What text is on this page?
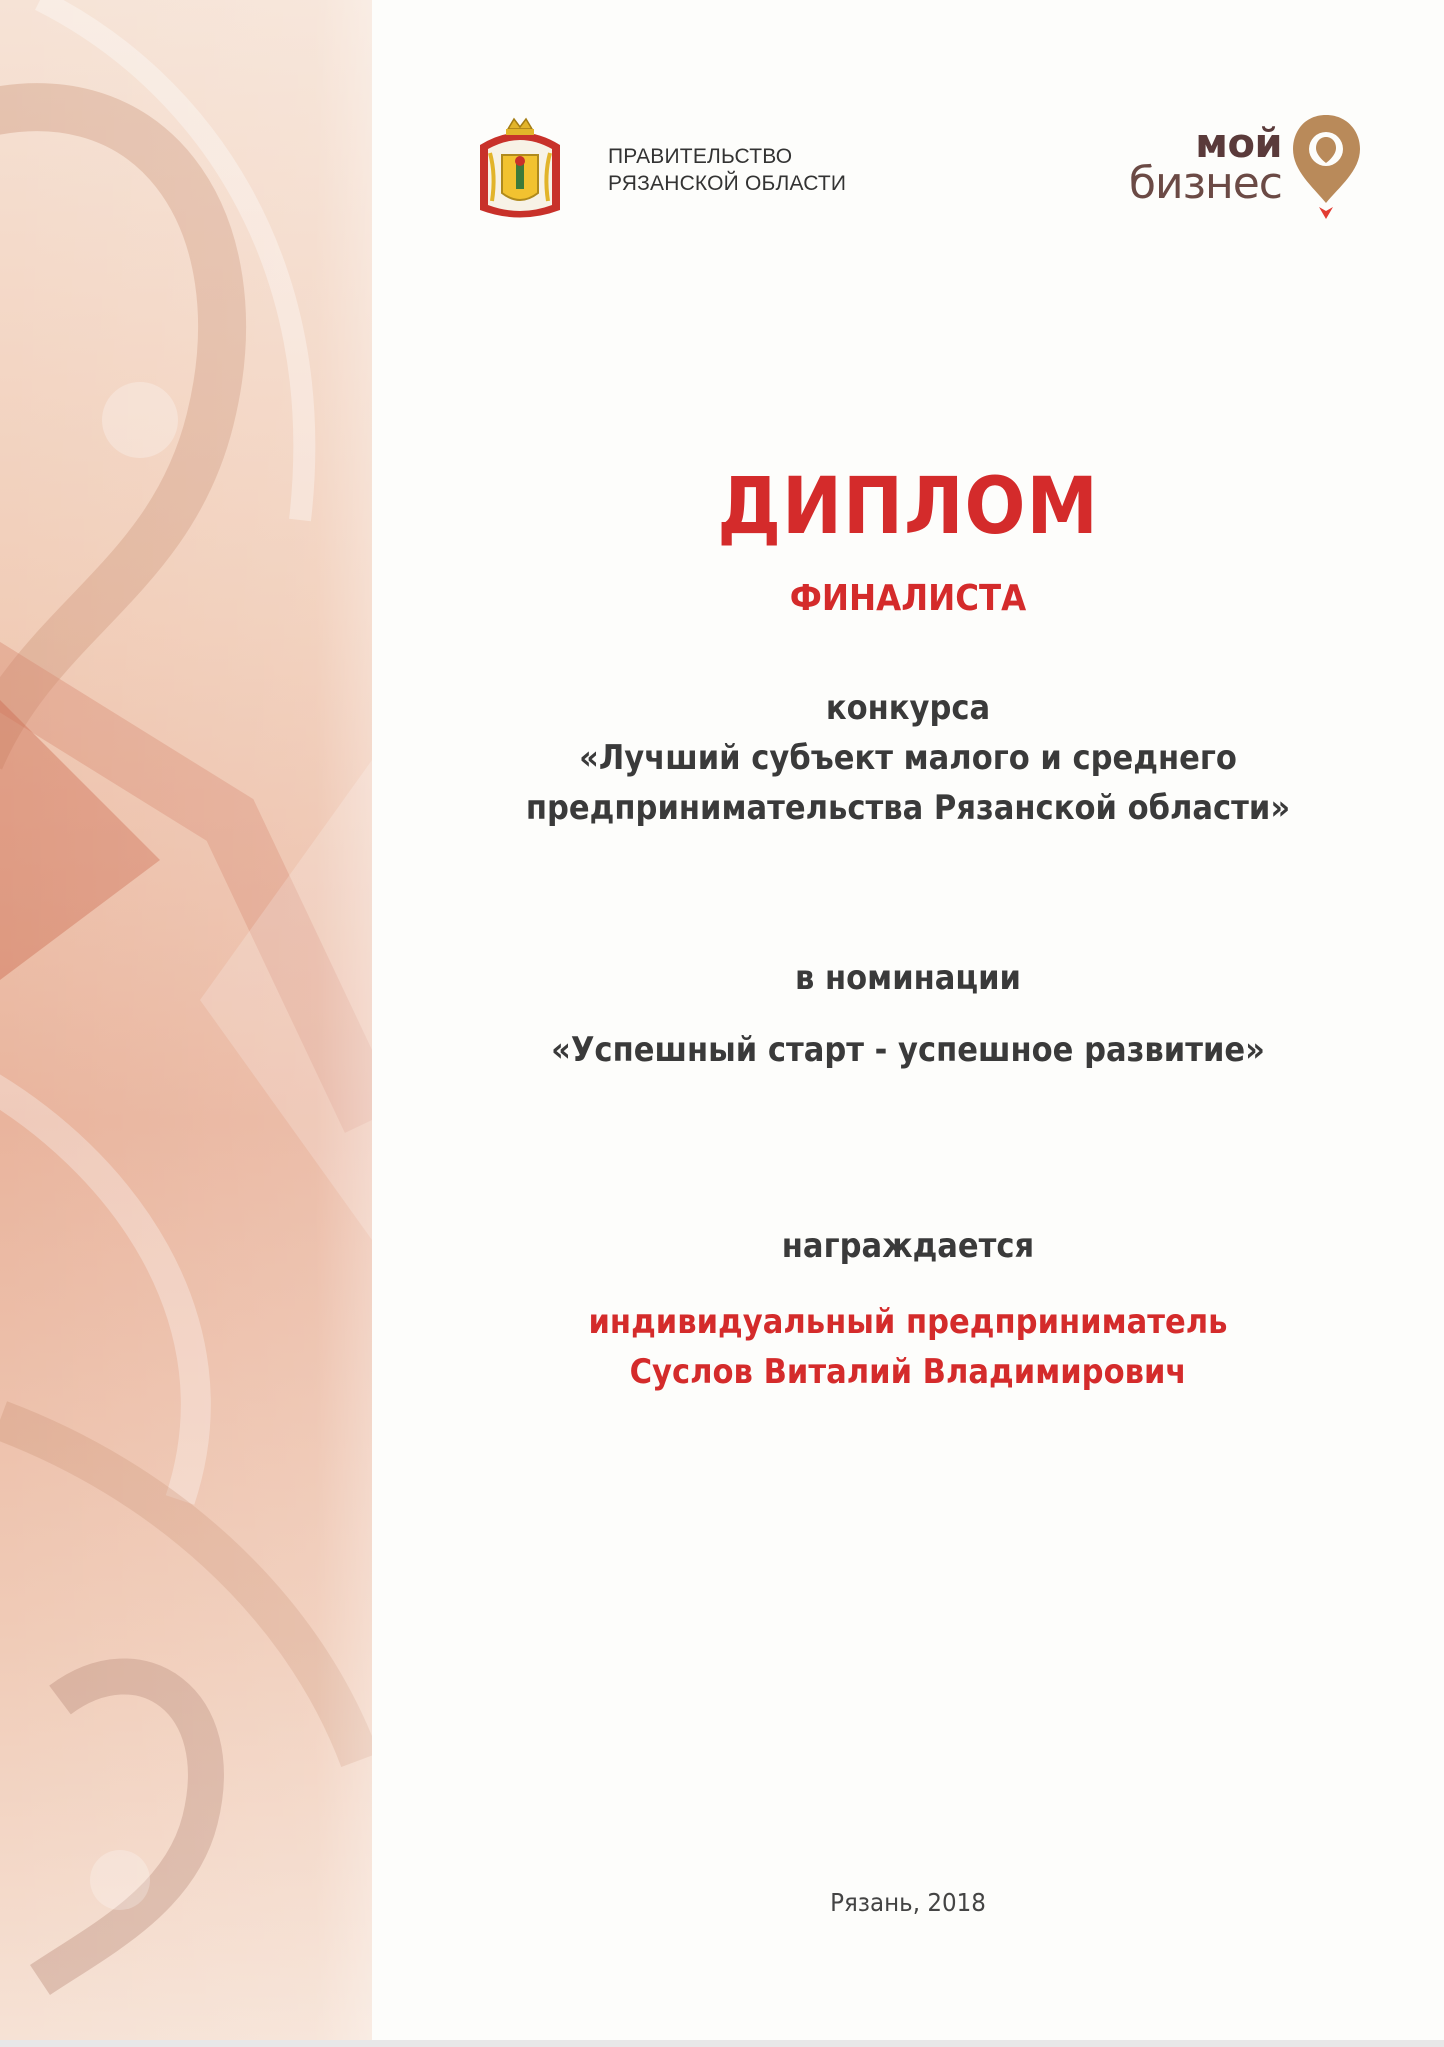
ПРАВИТЕЛЬСТВО
РЯЗАНСКОЙ ОБЛАСТИ
мой
бизнес
ДИПЛОМ
ФИНАЛИСТА
конкурса
«Лучший субъект малого и среднего
предпринимательства Рязанской области»
в номинации
«Успешный старт - успешное развитие»
награждается
индивидуальный предприниматель
Суслов Виталий Владимирович
Рязань, 2018
